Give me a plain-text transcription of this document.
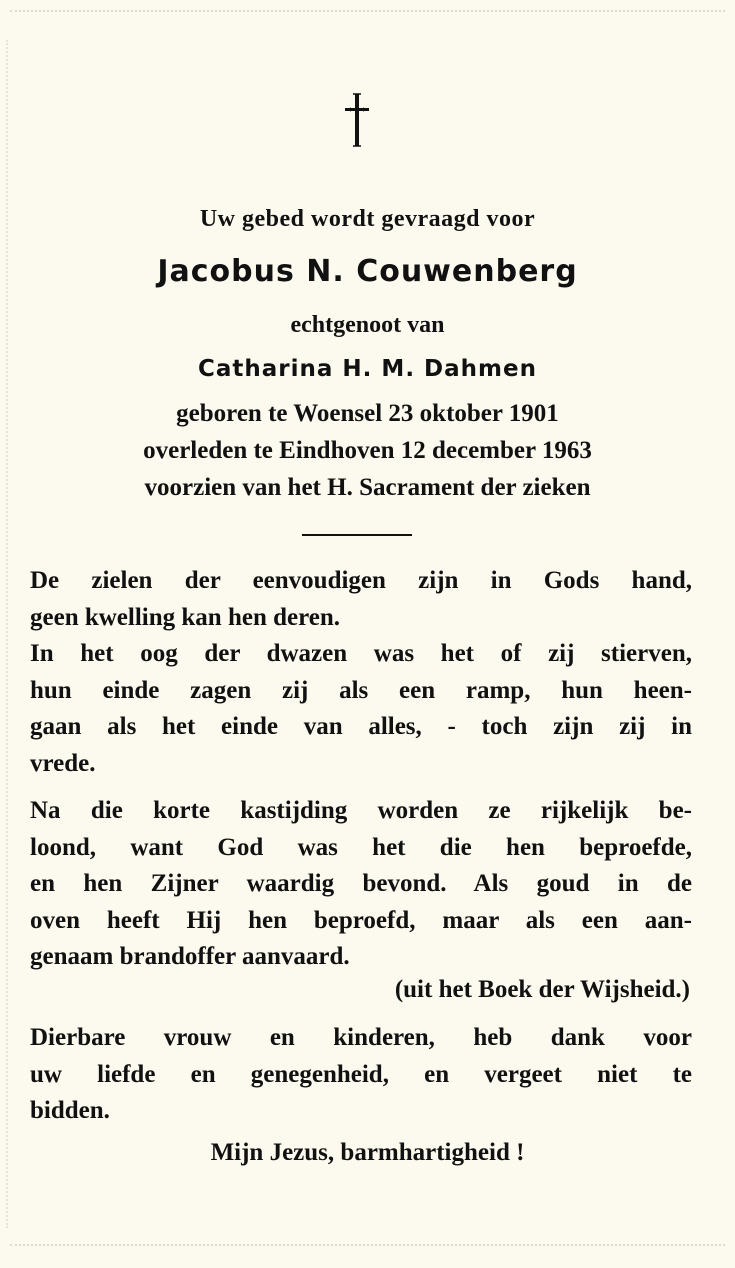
Uw gebed wordt gevraagd voor
Jacobus N. Couwenberg
echtgenoot van
Catharina H. M. Dahmen
geboren te Woensel 23 oktober 1901
overleden te Eindhoven 12 december 1963
voorzien van het H. Sacrament der zieken
De zielen der eenvoudigen zijn in Gods hand,
geen kwelling kan hen deren.
In het oog der dwazen was het of zij stierven,
hun einde zagen zij als een ramp, hun heen-
gaan als het einde van alles, - toch zijn zij in
vrede.
Na die korte kastijding worden ze rijkelijk be-
loond, want God was het die hen beproefde,
en hen Zijner waardig bevond. Als goud in de
oven heeft Hij hen beproefd, maar als een aan-
genaam brandoffer aanvaard.
(uit het Boek der Wijsheid.)
Dierbare vrouw en kinderen, heb dank voor
uw liefde en genegenheid, en vergeet niet te
bidden.
Mijn Jezus, barmhartigheid !
